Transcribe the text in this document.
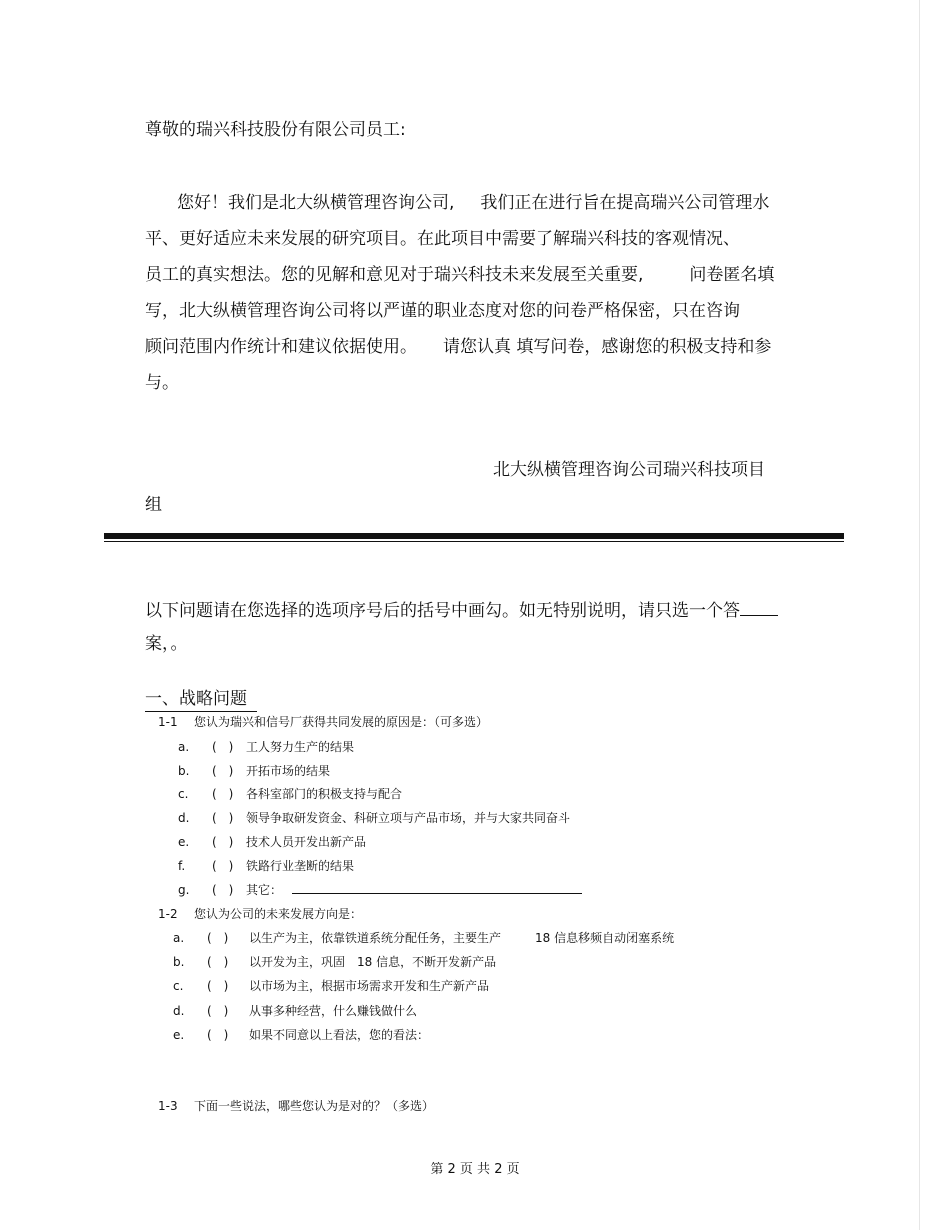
尊敬的瑞兴科技股份有限公司员工:
您好！我们是北大纵横管理咨询公司, 我们正在进行旨在提高瑞兴公司管理水
平、更好适应未来发展的研究项目。在此项目中需要了解瑞兴科技的客观情况、
员工的真实想法。您的见解和意见对于瑞兴科技未来发展至关重要,	问卷匿名填
写，北大纵横管理咨询公司将以严谨的职业态度对您的问卷严格保密，只在咨询
顾问范围内作统计和建议依据使用。 请您认真 填写问卷，感谢您的积极支持和参
与。
北大纵横管理咨询公司瑞兴科技项目
组
以下问题请在您选择的选项序号后的括号中画勾。如无特别说明，请只选一个答
案，。
一、战略问题
1-1 您认为瑞兴和信号厂获得共同发展的原因是：（可多选）
a. (　) 工人努力生产的结果
b. (　) 开拓市场的结果
c. (　) 各科室部门的积极支持与配合
d. (　) 领导争取研发资金、科研立项与产品市场，并与大家共同奋斗
e. (　) 技术人员开发出新产品
f. (　) 铁路行业垄断的结果
g. (　) 其它：
1-2 您认为公司的未来发展方向是：
a. (　) 以生产为主，依靠铁道系统分配任务，主要生产	18 信息移频自动闭塞系统
b. (　) 以开发为主，巩固　18 信息，不断开发新产品
c. (　) 以市场为主，根据市场需求开发和生产新产品
d. (　) 从事多种经营，什么赚钱做什么
e. (　) 如果不同意以上看法，您的看法：
1-3 下面一些说法，哪些您认为是对的？（多选）
第 2 页 共 2 页
